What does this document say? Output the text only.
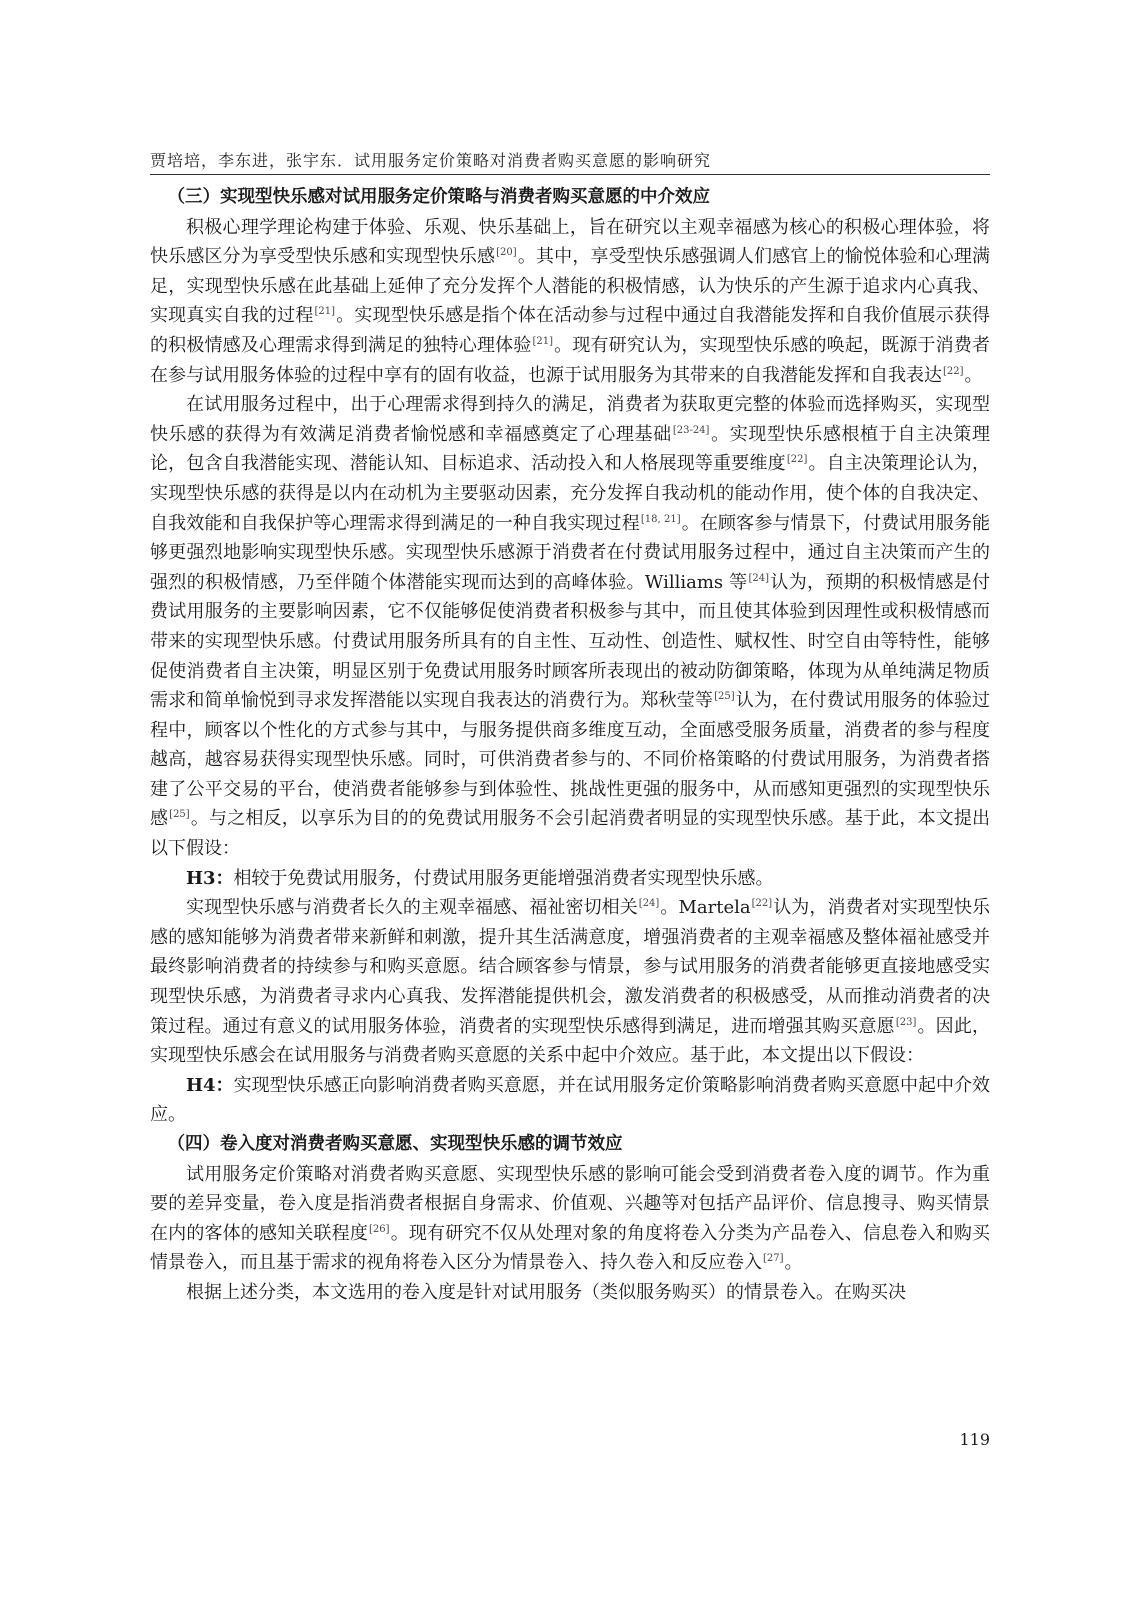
贾培培，李东进，张宇东．试用服务定价策略对消费者购买意愿的影响研究
（三）实现型快乐感对试用服务定价策略与消费者购买意愿的中介效应

积极心理学理论构建于体验、乐观、快乐基础上，旨在研究以主观幸福感为核心的积极心理体验，将快乐感区分为享受型快乐感和实现型快乐感[20]。其中，享受型快乐感强调人们感官上的愉悦体验和心理满足，实现型快乐感在此基础上延伸了充分发挥个人潜能的积极情感，认为快乐的产生源于追求内心真我、实现真实自我的过程[21]。实现型快乐感是指个体在活动参与过程中通过自我潜能发挥和自我价值展示获得的积极情感及心理需求得到满足的独特心理体验[21]。现有研究认为，实现型快乐感的唤起，既源于消费者在参与试用服务体验的过程中享有的固有收益，也源于试用服务为其带来的自我潜能发挥和自我表达[22]。

在试用服务过程中，出于心理需求得到持久的满足，消费者为获取更完整的体验而选择购买，实现型快乐感的获得为有效满足消费者愉悦感和幸福感奠定了心理基础[23-24]。实现型快乐感根植于自主决策理论，包含自我潜能实现、潜能认知、目标追求、活动投入和人格展现等重要维度[22]。自主决策理论认为，实现型快乐感的获得是以内在动机为主要驱动因素，充分发挥自我动机的能动作用，使个体的自我决定、自我效能和自我保护等心理需求得到满足的一种自我实现过程[18, 21]。在顾客参与情景下，付费试用服务能够更强烈地影响实现型快乐感。实现型快乐感源于消费者在付费试用服务过程中，通过自主决策而产生的强烈的积极情感，乃至伴随个体潜能实现而达到的高峰体验。Williams 等[24]认为，预期的积极情感是付费试用服务的主要影响因素，它不仅能够促使消费者积极参与其中，而且使其体验到因理性或积极情感而带来的实现型快乐感。付费试用服务所具有的自主性、互动性、创造性、赋权性、时空自由等特性，能够促使消费者自主决策，明显区别于免费试用服务时顾客所表现出的被动防御策略，体现为从单纯满足物质需求和简单愉悦到寻求发挥潜能以实现自我表达的消费行为。郑秋莹等[25]认为，在付费试用服务的体验过程中，顾客以个性化的方式参与其中，与服务提供商多维度互动，全面感受服务质量，消费者的参与程度越高，越容易获得实现型快乐感。同时，可供消费者参与的、不同价格策略的付费试用服务，为消费者搭建了公平交易的平台，使消费者能够参与到体验性、挑战性更强的服务中，从而感知更强烈的实现型快乐感[25]。与之相反，以享乐为目的的免费试用服务不会引起消费者明显的实现型快乐感。基于此，本文提出以下假设：

H3：相较于免费试用服务，付费试用服务更能增强消费者实现型快乐感。

实现型快乐感与消费者长久的主观幸福感、福祉密切相关[24]。Martela[22]认为，消费者对实现型快乐感的感知能够为消费者带来新鲜和刺激，提升其生活满意度，增强消费者的主观幸福感及整体福祉感受并最终影响消费者的持续参与和购买意愿。结合顾客参与情景，参与试用服务的消费者能够更直接地感受实现型快乐感，为消费者寻求内心真我、发挥潜能提供机会，激发消费者的积极感受，从而推动消费者的决策过程。通过有意义的试用服务体验，消费者的实现型快乐感得到满足，进而增强其购买意愿[23]。因此，实现型快乐感会在试用服务与消费者购买意愿的关系中起中介效应。基于此，本文提出以下假设：

H4：实现型快乐感正向影响消费者购买意愿，并在试用服务定价策略影响消费者购买意愿中起中介效应。

（四）卷入度对消费者购买意愿、实现型快乐感的调节效应

试用服务定价策略对消费者购买意愿、实现型快乐感的影响可能会受到消费者卷入度的调节。作为重要的差异变量，卷入度是指消费者根据自身需求、价值观、兴趣等对包括产品评价、信息搜寻、购买情景在内的客体的感知关联程度[26]。现有研究不仅从处理对象的角度将卷入分类为产品卷入、信息卷入和购买情景卷入，而且基于需求的视角将卷入区分为情景卷入、持久卷入和反应卷入[27]。

根据上述分类，本文选用的卷入度是针对试用服务（类似服务购买）的情景卷入。在购买决

119
